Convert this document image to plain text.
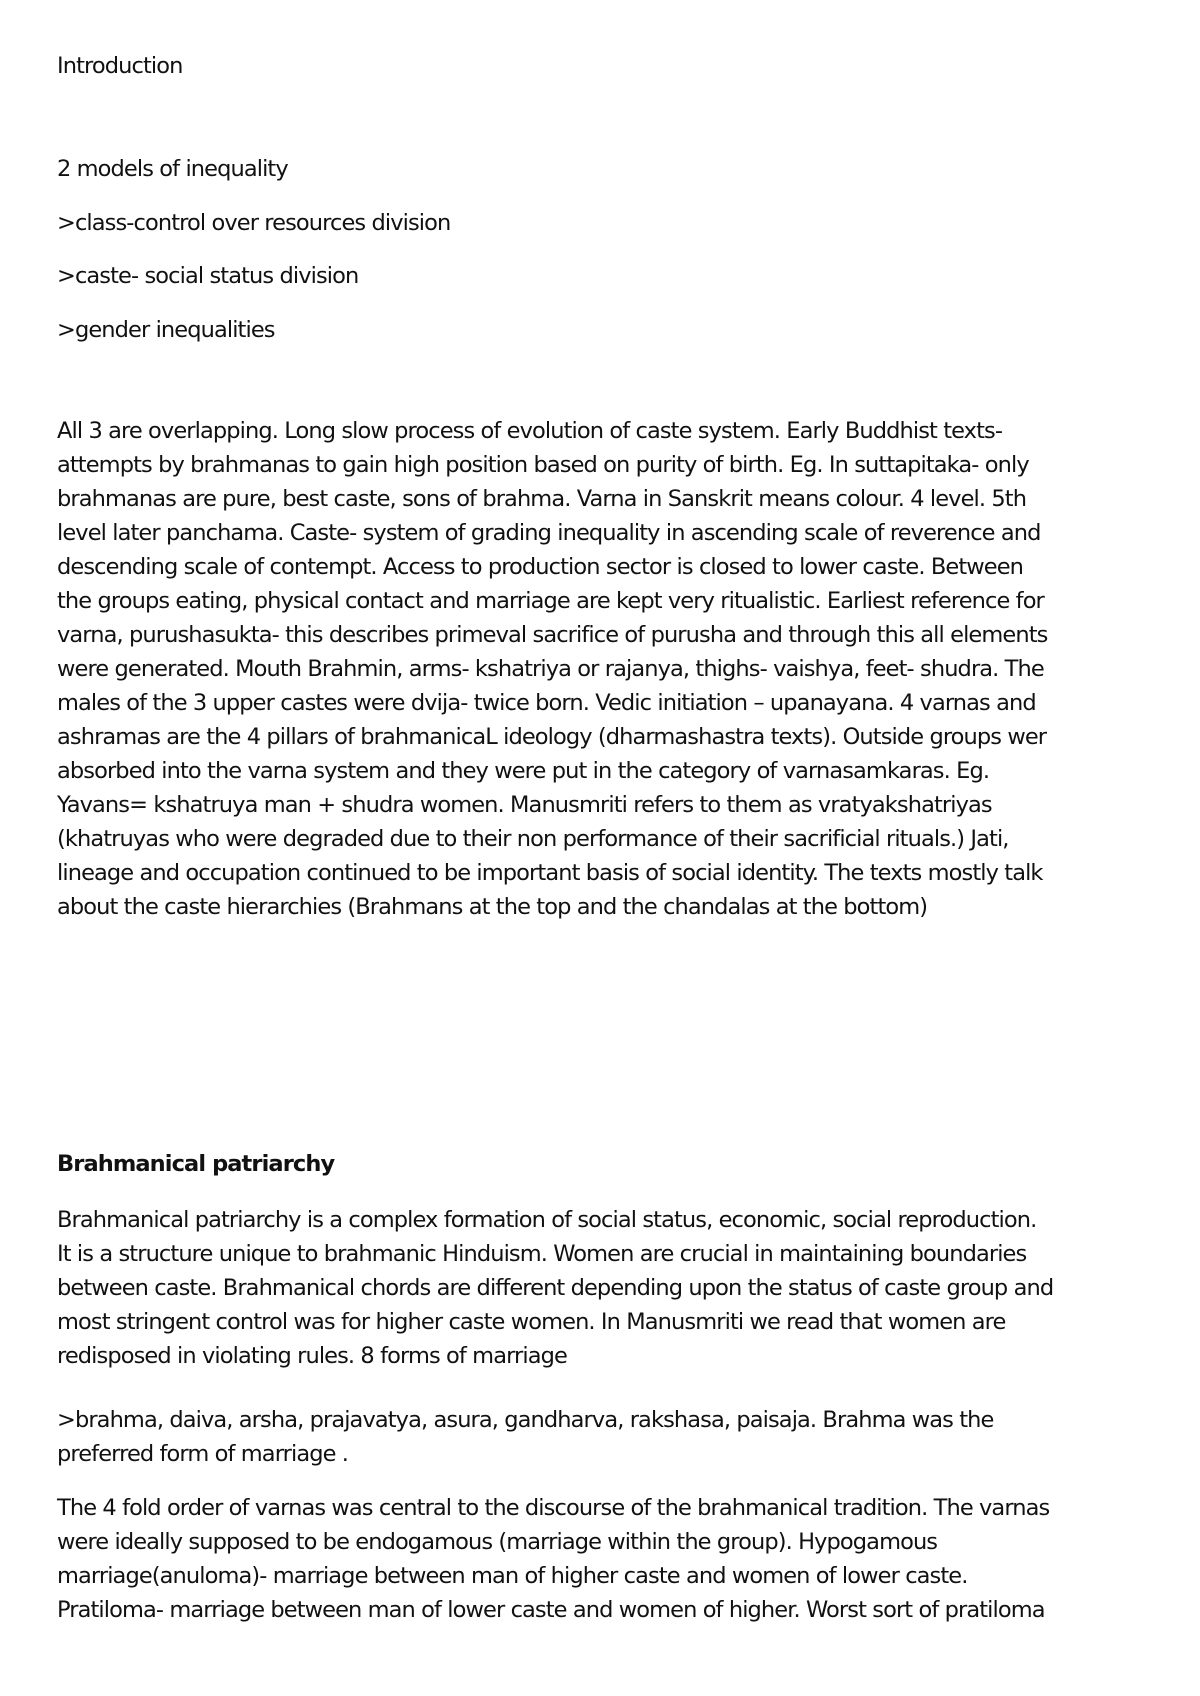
Introduction
2 models of inequality
>class-control over resources division
>caste- social status division
>gender inequalities
All 3 are overlapping. Long slow process of evolution of caste system. Early Buddhist texts-
attempts by brahmanas to gain high position based on purity of birth. Eg. In suttapitaka- only
brahmanas are pure, best caste, sons of brahma. Varna in Sanskrit means colour. 4 level. 5th
level later panchama. Caste- system of grading inequality in ascending scale of reverence and
descending scale of contempt. Access to production sector is closed to lower caste. Between
the groups eating, physical contact and marriage are kept very ritualistic. Earliest reference for
varna, purushasukta- this describes primeval sacrifice of purusha and through this all elements
were generated. Mouth Brahmin, arms- kshatriya or rajanya, thighs- vaishya, feet- shudra. The
males of the 3 upper castes were dvija- twice born. Vedic initiation – upanayana. 4 varnas and
ashramas are the 4 pillars of brahmanicaL ideology (dharmashastra texts). Outside groups wer
absorbed into the varna system and they were put in the category of varnasamkaras. Eg.
Yavans= kshatruya man + shudra women. Manusmriti refers to them as vratyakshatriyas
(khatruyas who were degraded due to their non performance of their sacrificial rituals.) Jati,
lineage and occupation continued to be important basis of social identity. The texts mostly talk
about the caste hierarchies (Brahmans at the top and the chandalas at the bottom)
Brahmanical patriarchy
Brahmanical patriarchy is a complex formation of social status, economic, social reproduction.
It is a structure unique to brahmanic Hinduism. Women are crucial in maintaining boundaries
between caste. Brahmanical chords are different depending upon the status of caste group and
most stringent control was for higher caste women. In Manusmriti we read that women are
redisposed in violating rules. 8 forms of marriage
>brahma, daiva, arsha, prajavatya, asura, gandharva, rakshasa, paisaja. Brahma was the
preferred form of marriage .
The 4 fold order of varnas was central to the discourse of the brahmanical tradition. The varnas
were ideally supposed to be endogamous (marriage within the group). Hypogamous
marriage(anuloma)- marriage between man of higher caste and women of lower caste.
Pratiloma- marriage between man of lower caste and women of higher. Worst sort of pratiloma
